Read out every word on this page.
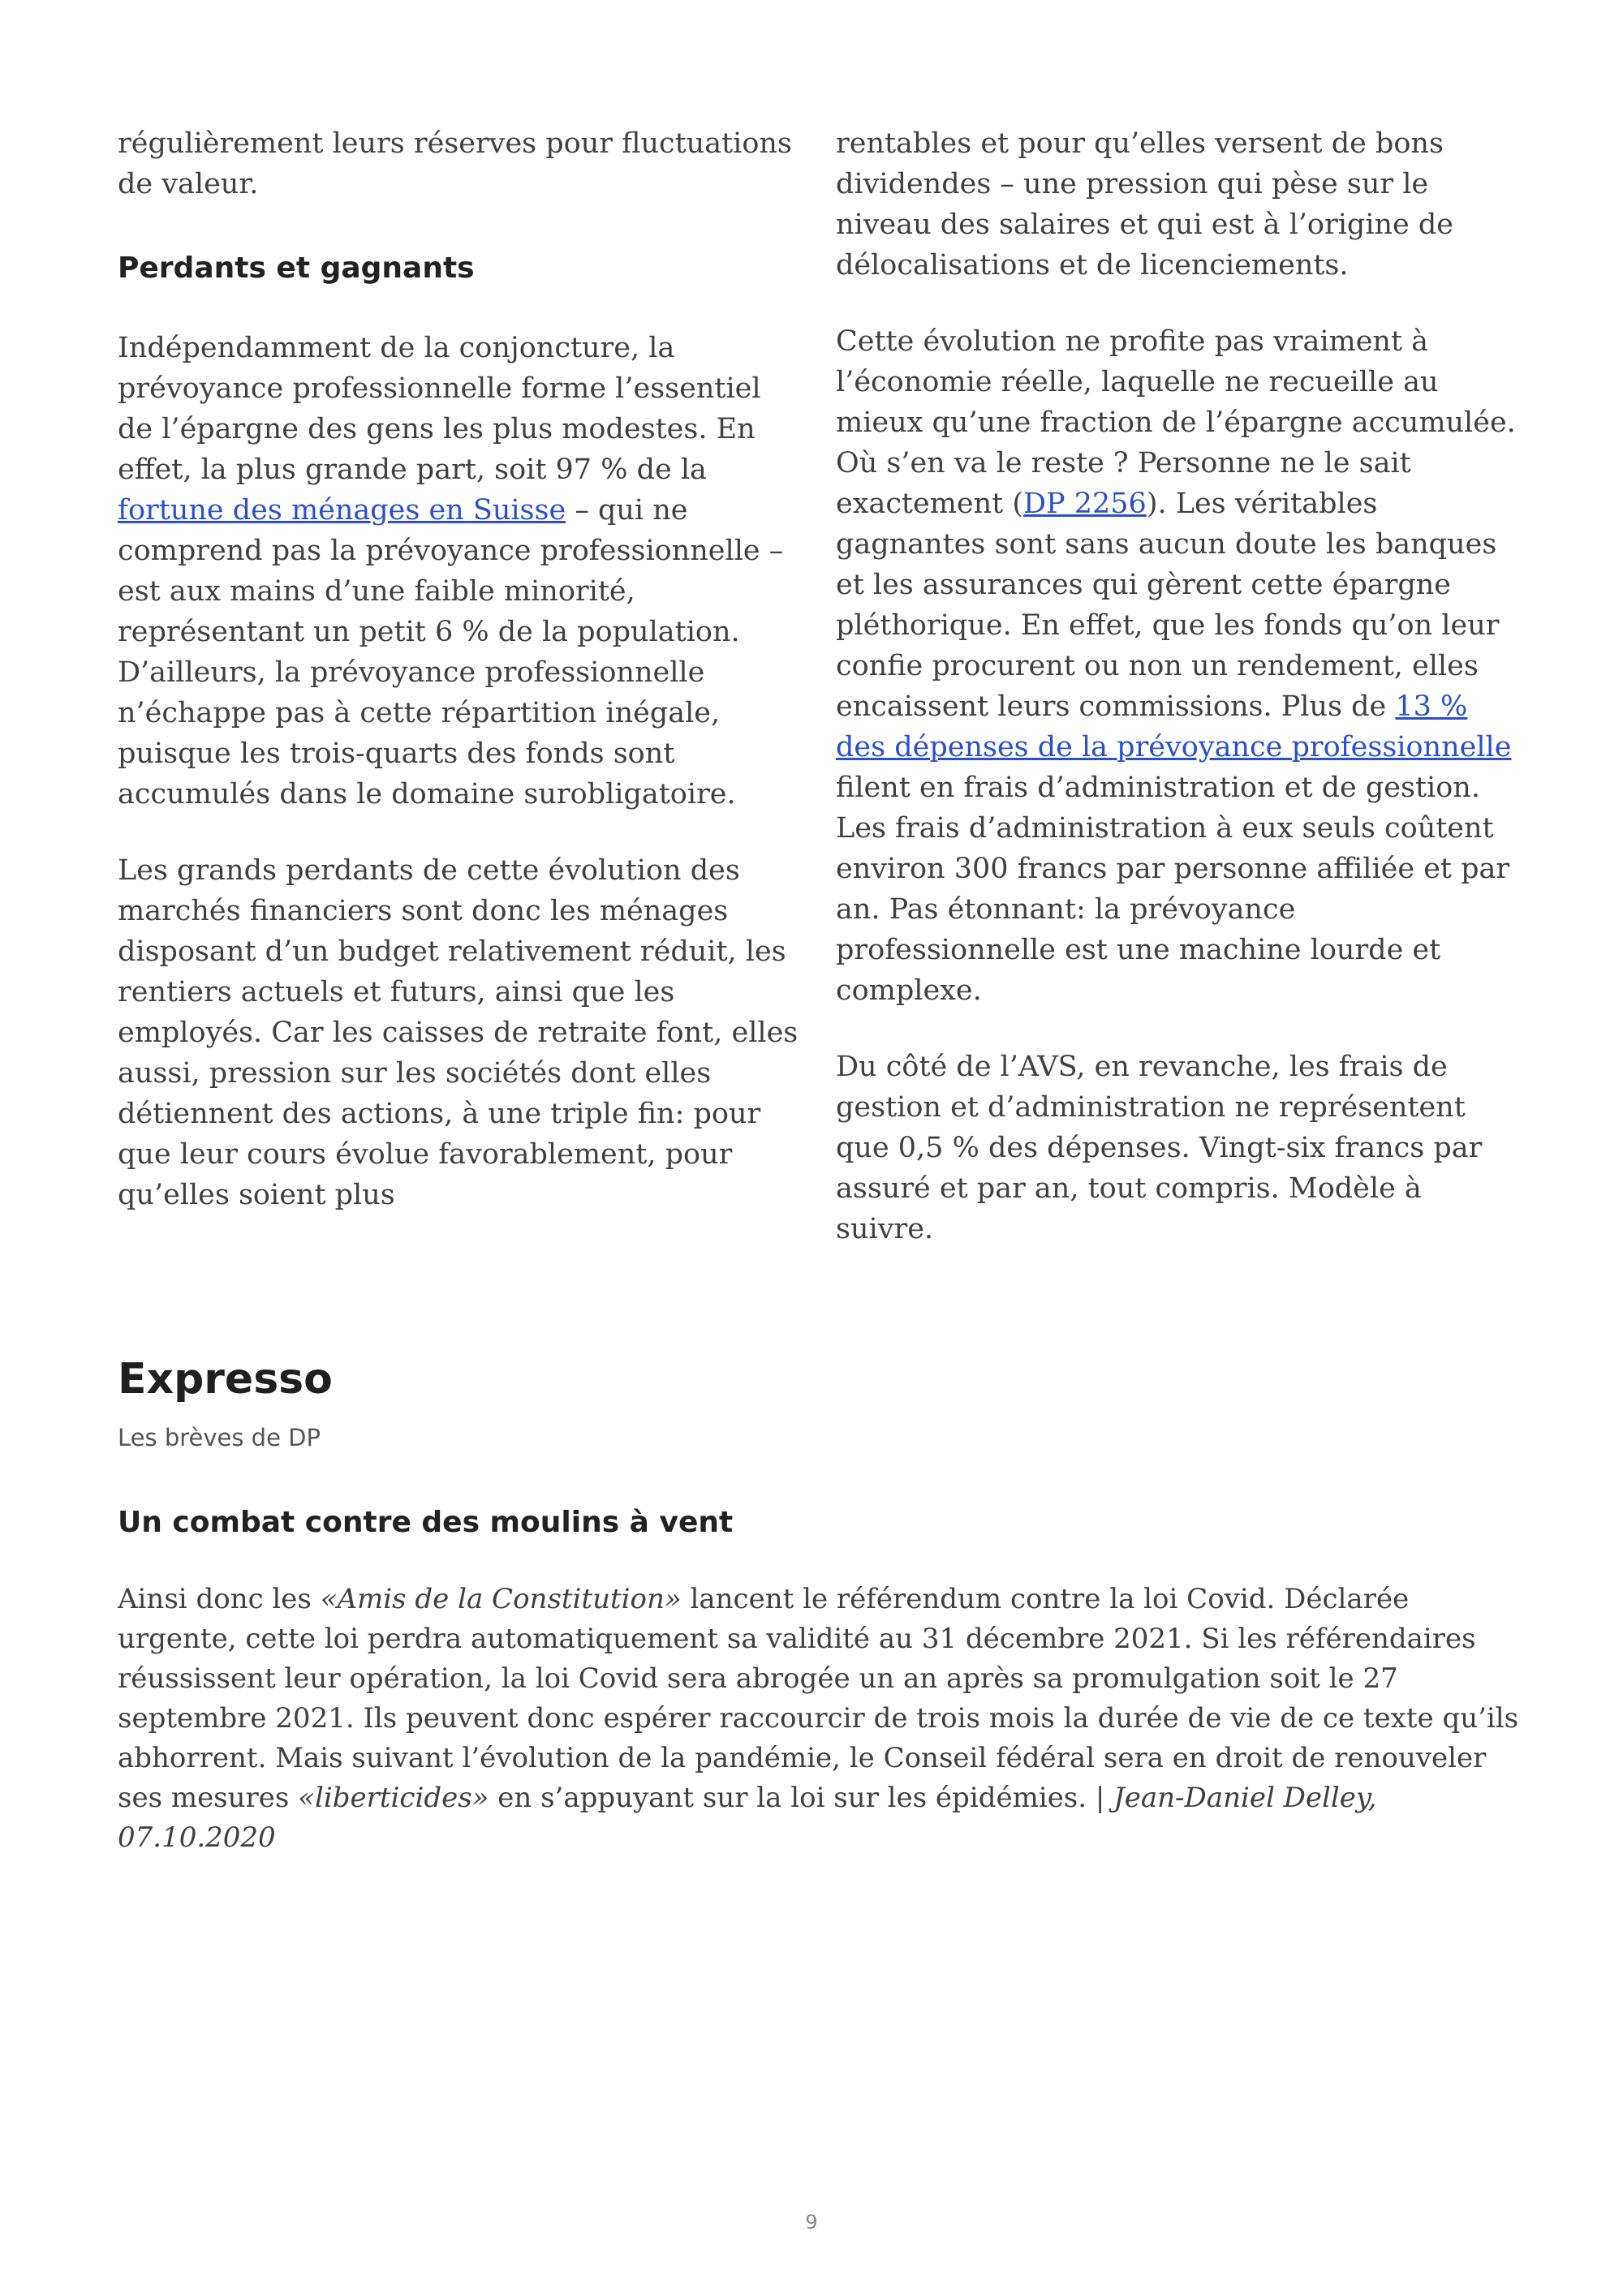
régulièrement leurs réserves pour fluctuations de valeur.

Perdants et gagnants

Indépendamment de la conjoncture, la prévoyance professionnelle forme l’essentiel de l’épargne des gens les plus modestes. En effet, la plus grande part, soit 97 % de la fortune des ménages en Suisse – qui ne comprend pas la prévoyance professionnelle – est aux mains d’une faible minorité, représentant un petit 6 % de la population. D’ailleurs, la prévoyance professionnelle n’échappe pas à cette répartition inégale, puisque les trois-quarts des fonds sont accumulés dans le domaine surobligatoire.

Les grands perdants de cette évolution des marchés financiers sont donc les ménages disposant d’un budget relativement réduit, les rentiers actuels et futurs, ainsi que les employés. Car les caisses de retraite font, elles aussi, pression sur les sociétés dont elles détiennent des actions, à une triple fin: pour que leur cours évolue favorablement, pour qu’elles soient plus

rentables et pour qu’elles versent de bons dividendes – une pression qui pèse sur le niveau des salaires et qui est à l’origine de délocalisations et de licenciements.

Cette évolution ne profite pas vraiment à l’économie réelle, laquelle ne recueille au mieux qu’une fraction de l’épargne accumulée. Où s’en va le reste ? Personne ne le sait exactement (DP 2256). Les véritables gagnantes sont sans aucun doute les banques et les assurances qui gèrent cette épargne pléthorique. En effet, que les fonds qu’on leur confie procurent ou non un rendement, elles encaissent leurs commissions. Plus de 13 % des dépenses de la prévoyance professionnelle filent en frais d’administration et de gestion. Les frais d’administration à eux seuls coûtent environ 300 francs par personne affiliée et par an. Pas étonnant: la prévoyance professionnelle est une machine lourde et complexe.

Du côté de l’AVS, en revanche, les frais de gestion et d’administration ne représentent que 0,5 % des dépenses. Vingt-six francs par assuré et par an, tout compris. Modèle à suivre.

Expresso
Les brèves de DP
Un combat contre des moulins à vent

Ainsi donc les «Amis de la Constitution» lancent le référendum contre la loi Covid. Déclarée urgente, cette loi perdra automatiquement sa validité au 31 décembre 2021. Si les référendaires réussissent leur opération, la loi Covid sera abrogée un an après sa promulgation soit le 27 septembre 2021. Ils peuvent donc espérer raccourcir de trois mois la durée de vie de ce texte qu’ils abhorrent. Mais suivant l’évolution de la pandémie, le Conseil fédéral sera en droit de renouveler ses mesures «liberticides» en s’appuyant sur la loi sur les épidémies. | Jean-Daniel Delley, 07.10.2020

9
